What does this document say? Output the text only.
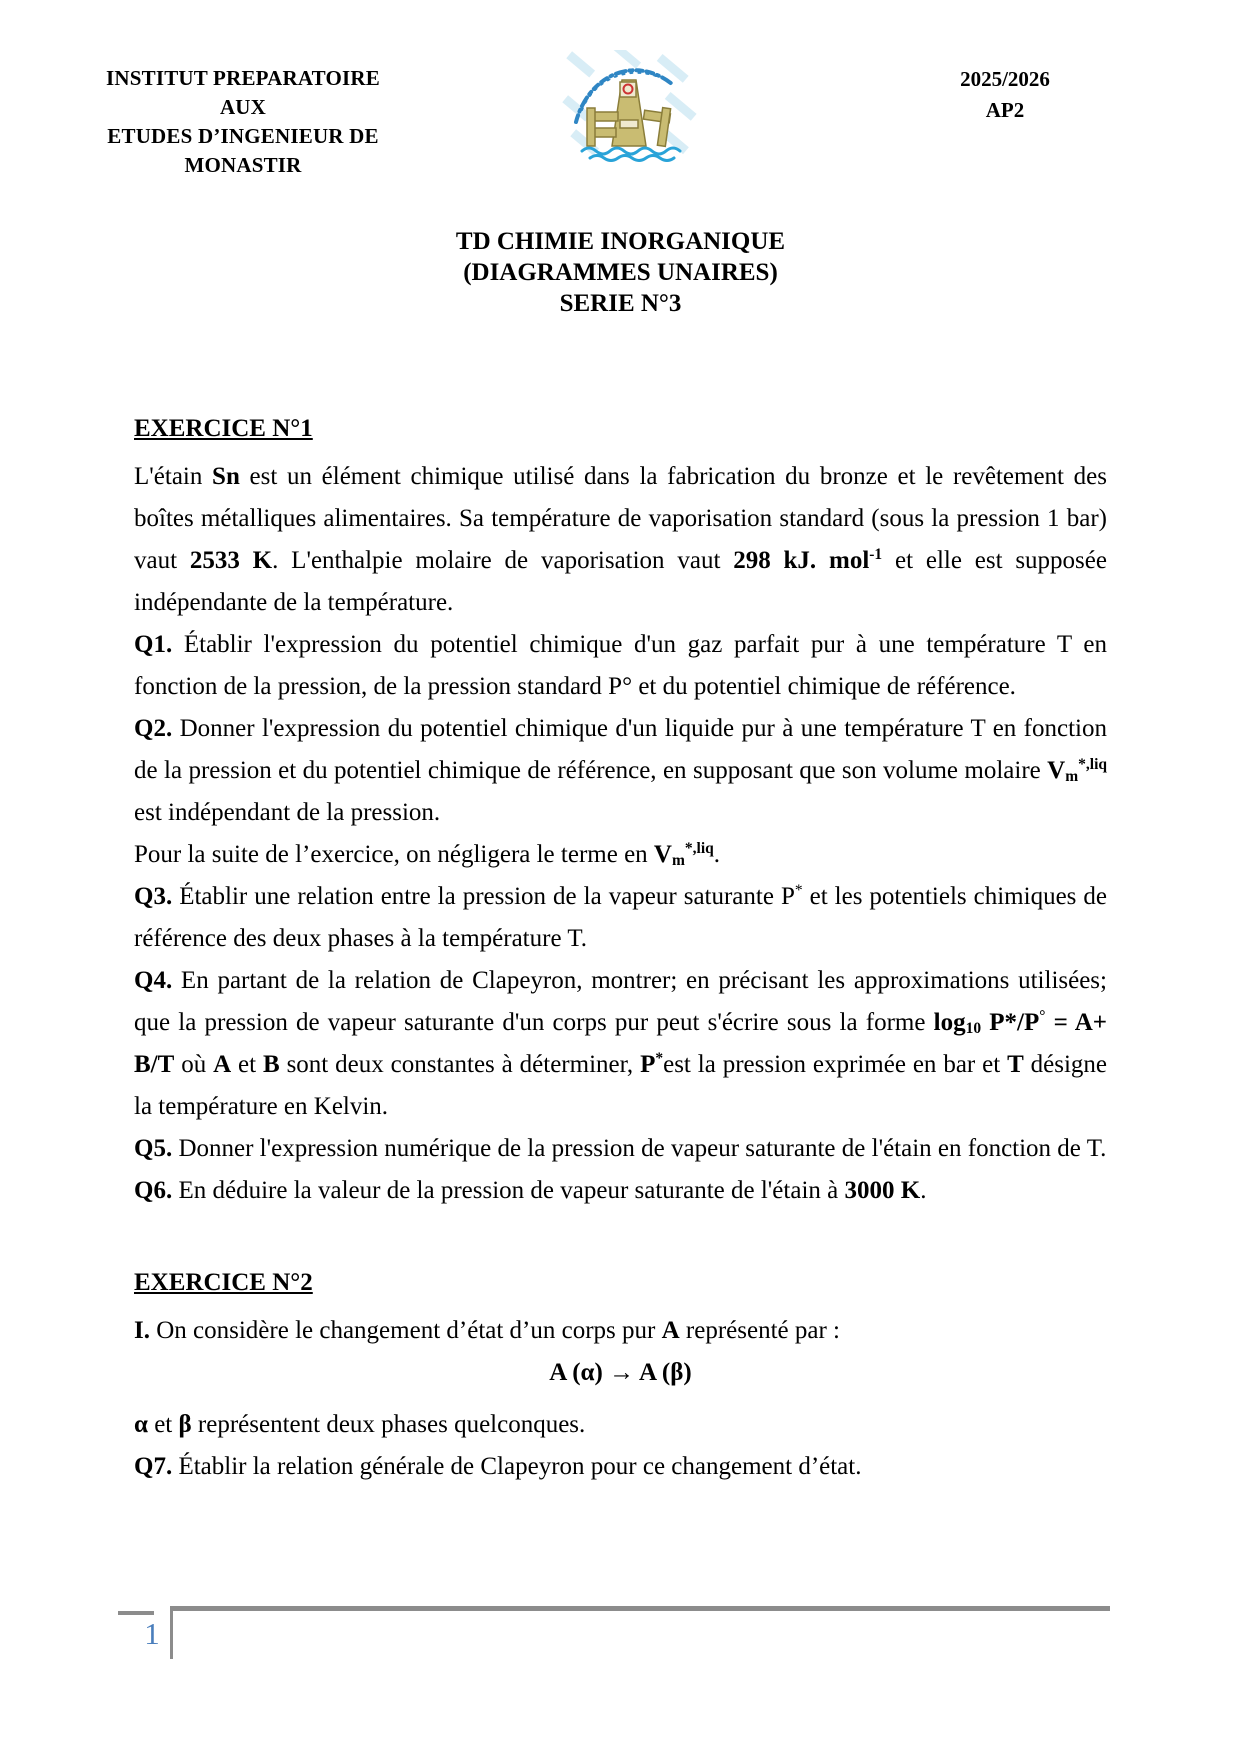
INSTITUT PREPARATOIRE AUX
ETUDES D’INGENIEUR DE
MONASTIR
2025/2026
AP2
TD CHIMIE INORGANIQUE
(DIAGRAMMES UNAIRES)
SERIE N°3

EXERCICE N°1

L'étain Sn est un élément chimique utilisé dans la fabrication du bronze et le revêtement des boîtes métalliques alimentaires. Sa température de vaporisation standard (sous la pression 1 bar) vaut 2533 K. L'enthalpie molaire de vaporisation vaut 298 kJ. mol$^{-1}$ et elle est supposée indépendante de la température.

Q1. Établir l'expression du potentiel chimique d'un gaz parfait pur à une température T en fonction de la pression, de la pression standard P° et du potentiel chimique de référence.

Q2. Donner l'expression du potentiel chimique d'un liquide pur à une température T en fonction de la pression et du potentiel chimique de référence, en supposant que son volume molaire $V_m^{*,liq}$ est indépendant de la pression.

Pour la suite de l’exercice, on négligera le terme en $V_m^{*,liq}$.

Q3. Établir une relation entre la pression de la vapeur saturante P* et les potentiels chimiques de référence des deux phases à la température T.

Q4. En partant de la relation de Clapeyron, montrer; en précisant les approximations utilisées; que la pression de vapeur saturante d'un corps pur peut s'écrire sous la forme $\log_{10} P*/P^\circ = A+ B/T$ où A et B sont deux constantes à déterminer, P*est la pression exprimée en bar et T désigne la température en Kelvin.

Q5. Donner l'expression numérique de la pression de vapeur saturante de l'étain en fonction de T.

Q6. En déduire la valeur de la pression de vapeur saturante de l'étain à 3000 K.

EXERCICE N°2

I. On considère le changement d’état d’un corps pur A représenté par :

A (α) → A (β)

α et β représentent deux phases quelconques.

Q7. Établir la relation générale de Clapeyron pour ce changement d’état.

1
